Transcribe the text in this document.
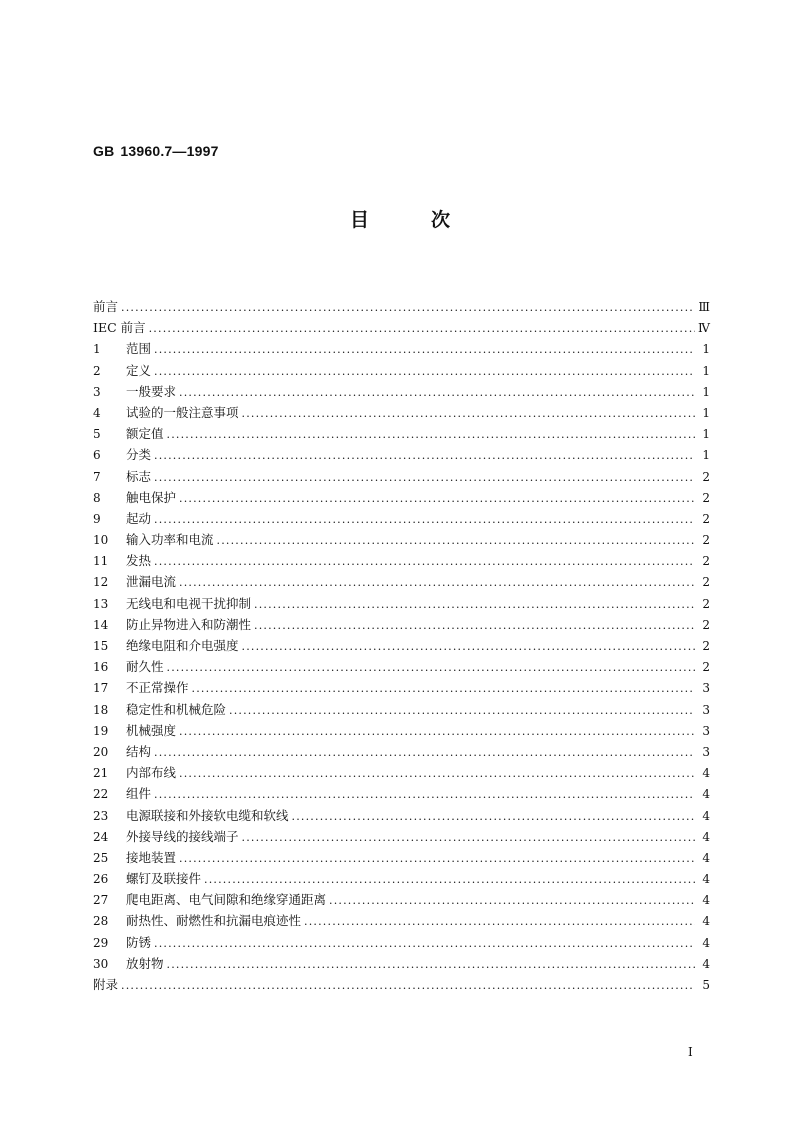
GB 13960.7—1997
目次
前言 .....	Ⅲ
IEC 前言 .....	Ⅳ
1	范围 .....	1
2	定义 .....	1
3	一般要求 .....	1
4	试验的一般注意事项 .....	1
5	额定值 .....	1
6	分类 .....	1
7	标志 .....	2
8	触电保护 .....	2
9	起动 .....	2
10	输入功率和电流 .....	2
11	发热 .....	2
12	泄漏电流 .....	2
13	无线电和电视干扰抑制 .....	2
14	防止异物进入和防潮性 .....	2
15	绝缘电阻和介电强度 .....	2
16	耐久性 .....	2
17	不正常操作 .....	3
18	稳定性和机械危险 .....	3
19	机械强度 .....	3
20	结构 .....	3
21	内部布线 .....	4
22	组件 .....	4
23	电源联接和外接软电缆和软线 .....	4
24	外接导线的接线端子 .....	4
25	接地装置 .....	4
26	螺钉及联接件 .....	4
27	爬电距离、电气间隙和绝缘穿通距离 .....	4
28	耐热性、耐燃性和抗漏电痕迹性 .....	4
29	防锈 .....	4
30	放射物 .....	4
附录 .....	5
I
